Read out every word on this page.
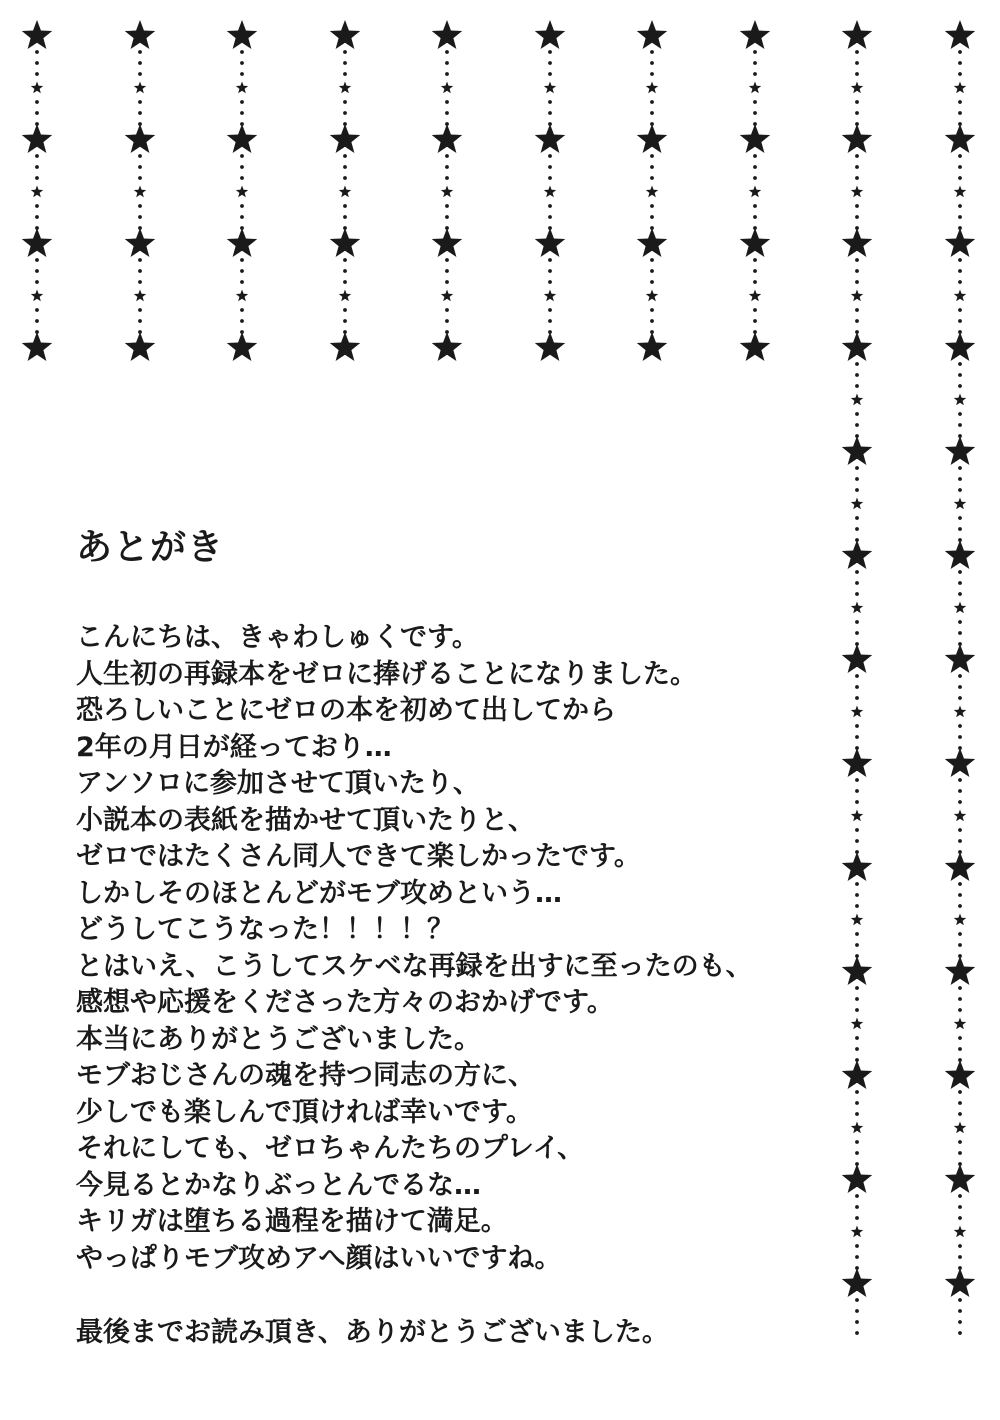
あとがき
こんにちは、きゃわしゅくです。
人生初の再録本をゼロに捧げることになりました。
恐ろしいことにゼロの本を初めて出してから
2年の月日が経っており…
アンソロに参加させて頂いたり、
小説本の表紙を描かせて頂いたりと、
ゼロではたくさん同人できて楽しかったです。
しかしそのほとんどがモブ攻めという…
どうしてこうなった！！！！？
とはいえ、こうしてスケベな再録を出すに至ったのも、
感想や応援をくださった方々のおかげです。
本当にありがとうございました。
モブおじさんの魂を持つ同志の方に、
少しでも楽しんで頂ければ幸いです。
それにしても、ゼロちゃんたちのプレイ、
今見るとかなりぶっとんでるな…
キリガは堕ちる過程を描けて満足。
やっぱりモブ攻めアへ顔はいいですね。
最後までお読み頂き、ありがとうございました。
